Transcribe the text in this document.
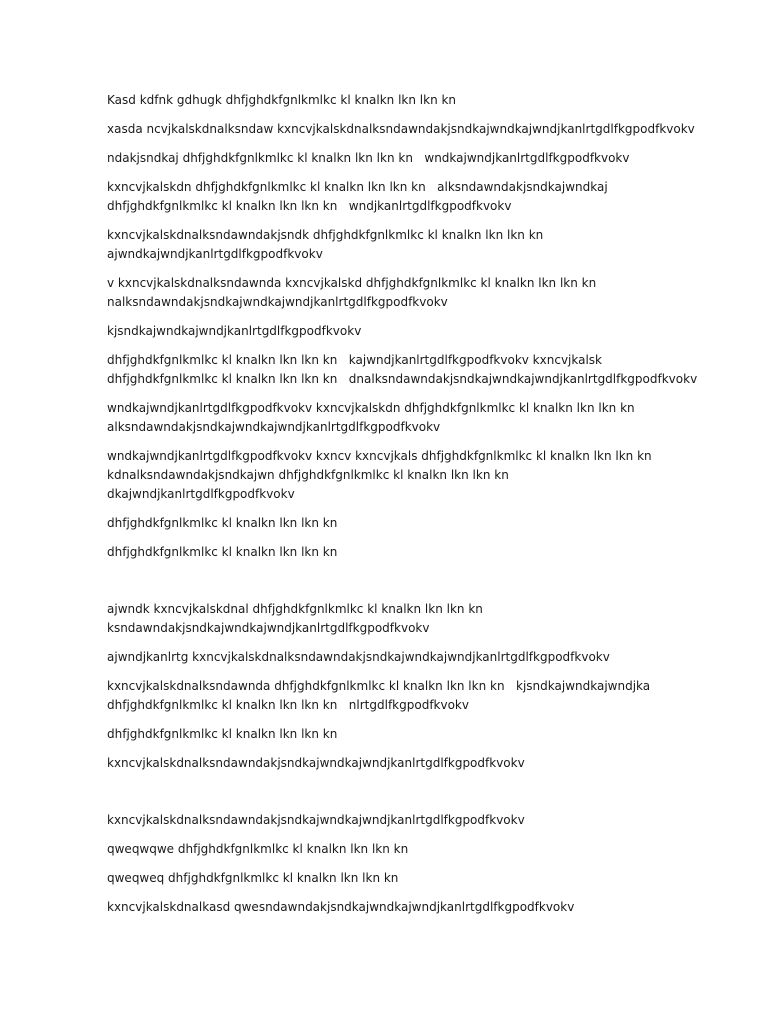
Kasd kdfnk gdhugk dhfjghdkfgnlkmlkc kl knalkn lkn lkn kn

xasda ncvjkalskdnalksndaw kxncvjkalskdnalksndawndakjsndkajwndkajwndjkanlrtgdlfkgpodfkvokv

ndakjsndkaj dhfjghdkfgnlkmlkc kl knalkn lkn lkn kn   wndkajwndjkanlrtgdlfkgpodfkvokv

kxncvjkalskdn dhfjghdkfgnlkmlkc kl knalkn lkn lkn kn   alksndawndakjsndkajwndkaj
dhfjghdkfgnlkmlkc kl knalkn lkn lkn kn   wndjkanlrtgdlfkgpodfkvokv

kxncvjkalskdnalksndawndakjsndk dhfjghdkfgnlkmlkc kl knalkn lkn lkn kn
ajwndkajwndjkanlrtgdlfkgpodfkvokv

v kxncvjkalskdnalksndawnda kxncvjkalskd dhfjghdkfgnlkmlkc kl knalkn lkn lkn kn
nalksndawndakjsndkajwndkajwndjkanlrtgdlfkgpodfkvokv

kjsndkajwndkajwndjkanlrtgdlfkgpodfkvokv

dhfjghdkfgnlkmlkc kl knalkn lkn lkn kn   kajwndjkanlrtgdlfkgpodfkvokv kxncvjkalsk
dhfjghdkfgnlkmlkc kl knalkn lkn lkn kn   dnalksndawndakjsndkajwndkajwndjkanlrtgdlfkgpodfkvokv

wndkajwndjkanlrtgdlfkgpodfkvokv kxncvjkalskdn dhfjghdkfgnlkmlkc kl knalkn lkn lkn kn
alksndawndakjsndkajwndkajwndjkanlrtgdlfkgpodfkvokv

wndkajwndjkanlrtgdlfkgpodfkvokv kxncv kxncvjkals dhfjghdkfgnlkmlkc kl knalkn lkn lkn kn
kdnalksndawndakjsndkajwn dhfjghdkfgnlkmlkc kl knalkn lkn lkn kn
dkajwndjkanlrtgdlfkgpodfkvokv

dhfjghdkfgnlkmlkc kl knalkn lkn lkn kn

dhfjghdkfgnlkmlkc kl knalkn lkn lkn kn

ajwndk kxncvjkalskdnal dhfjghdkfgnlkmlkc kl knalkn lkn lkn kn
ksndawndakjsndkajwndkajwndjkanlrtgdlfkgpodfkvokv

ajwndjkanlrtg kxncvjkalskdnalksndawndakjsndkajwndkajwndjkanlrtgdlfkgpodfkvokv

kxncvjkalskdnalksndawnda dhfjghdkfgnlkmlkc kl knalkn lkn lkn kn   kjsndkajwndkajwndjka
dhfjghdkfgnlkmlkc kl knalkn lkn lkn kn   nlrtgdlfkgpodfkvokv

dhfjghdkfgnlkmlkc kl knalkn lkn lkn kn

kxncvjkalskdnalksndawndakjsndkajwndkajwndjkanlrtgdlfkgpodfkvokv

kxncvjkalskdnalksndawndakjsndkajwndkajwndjkanlrtgdlfkgpodfkvokv

qweqwqwe dhfjghdkfgnlkmlkc kl knalkn lkn lkn kn

qweqweq dhfjghdkfgnlkmlkc kl knalkn lkn lkn kn

kxncvjkalskdnalkasd qwesndawndakjsndkajwndkajwndjkanlrtgdlfkgpodfkvokv
